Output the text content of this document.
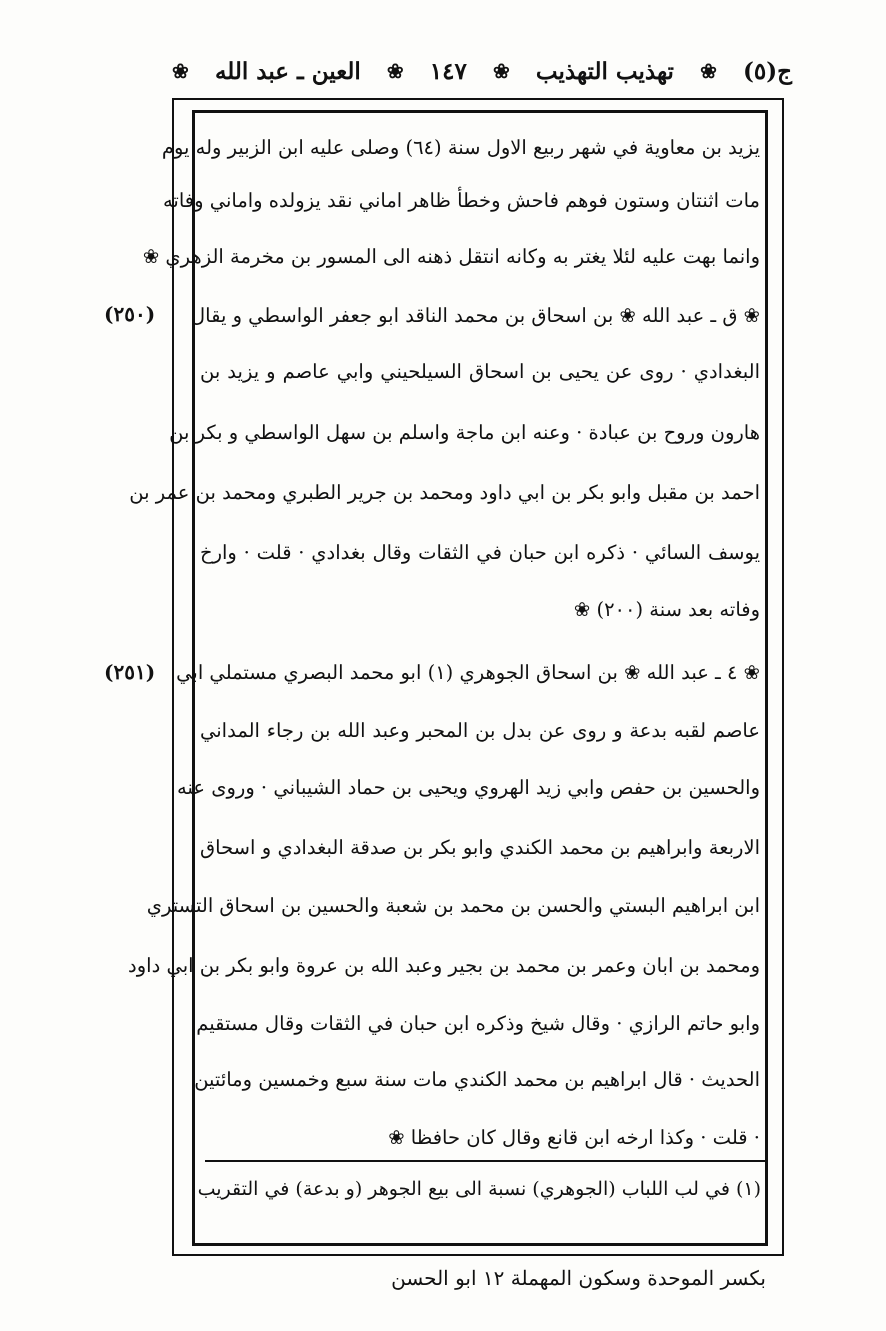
ج(٥)
❀
تهذيب التهذيب
❀
١٤٧
❀
العين ـ عبد الله
❀
(٢٥٠)
(٢٥١)
يزيد بن معاوية في شهر ربيع الاول سنة (٦٤) وصلى عليه ابن الزبير وله يوم
مات اثنتان وستون فوهم فاحش وخطأ ظاهر اماني نقد يزولده واماني وفاته
وانما بهت عليه لئلا يغتر به وكانه انتقل ذهنه الى المسور بن مخرمة الزهري ❀
❀ ق ـ عبد الله ❀ بن اسحاق بن محمد الناقد ابو جعفر الواسطي و يقال
البغدادي · روى عن يحيى بن اسحاق السيلحيني وابي عاصم و يزيد بن
هارون وروح بن عبادة · وعنه ابن ماجة واسلم بن سهل الواسطي و بكر بن
احمد بن مقبل وابو بكر بن ابي داود ومحمد بن جرير الطبري ومحمد بن عمر بن
يوسف السائي · ذكره ابن حبان في الثقات وقال بغدادي · قلت · وارخ
وفاته بعد سنة (٢٠٠) ❀
❀ ٤ ـ عبد الله ❀ بن اسحاق الجوهري (١) ابو محمد البصري مستملي ابي
عاصم لقبه بدعة و روى عن بدل بن المحبر وعبد الله بن رجاء المداني
والحسين بن حفص وابي زيد الهروي ويحيى بن حماد الشيباني · وروى عنه
الاربعة وابراهيم بن محمد الكندي وابو بكر بن صدقة البغدادي و اسحاق
ابن ابراهيم البستي والحسن بن محمد بن شعبة والحسين بن اسحاق التستري
ومحمد بن ابان وعمر بن محمد بن بجير وعبد الله بن عروة وابو بكر بن ابي داود
وابو حاتم الرازي · وقال شيخ وذكره ابن حبان في الثقات وقال مستقيم
الحديث · قال ابراهيم بن محمد الكندي مات سنة سبع وخمسين ومائتين
· قلت · وكذا ارخه ابن قانع وقال كان حافظا ❀
(١) في لب اللباب (الجوهري) نسبة الى بيع الجوهر (و بدعة) في التقريب
بكسر الموحدة وسكون المهملة ١٢ ابو الحسن
